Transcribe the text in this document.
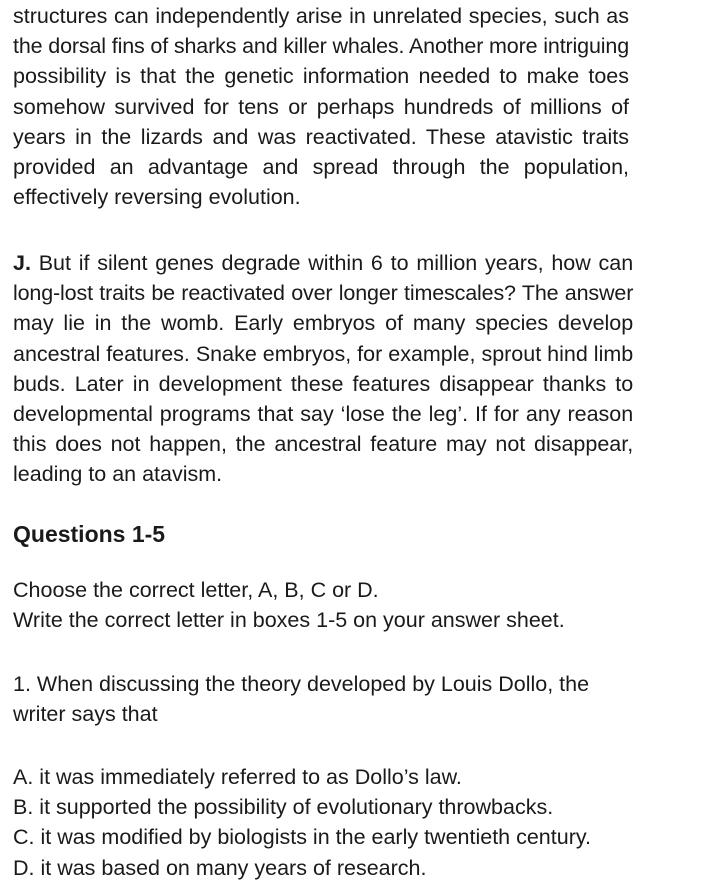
structures can independently arise in unrelated species, such as
the dorsal fins of sharks and killer whales. Another more intriguing
possibility is that the genetic information needed to make toes
somehow survived for tens or perhaps hundreds of millions of
years in the lizards and was reactivated. These atavistic traits
provided an advantage and spread through the population,
effectively reversing evolution.

J. But if silent genes degrade within 6 to million years, how can
long-lost traits be reactivated over longer timescales? The answer
may lie in the womb. Early embryos of many species develop
ancestral features. Snake embryos, for example, sprout hind limb
buds. Later in development these features disappear thanks to
developmental programs that say ‘lose the leg’. If for any reason
this does not happen, the ancestral feature may not disappear,
leading to an atavism.

Questions 1-5

Choose the correct letter, A, B, C or D.
Write the correct letter in boxes 1-5 on your answer sheet.

1. When discussing the theory developed by Louis Dollo, the
writer says that

A. it was immediately referred to as Dollo’s law.
B. it supported the possibility of evolutionary throwbacks.
C. it was modified by biologists in the early twentieth century.
D. it was based on many years of research.
